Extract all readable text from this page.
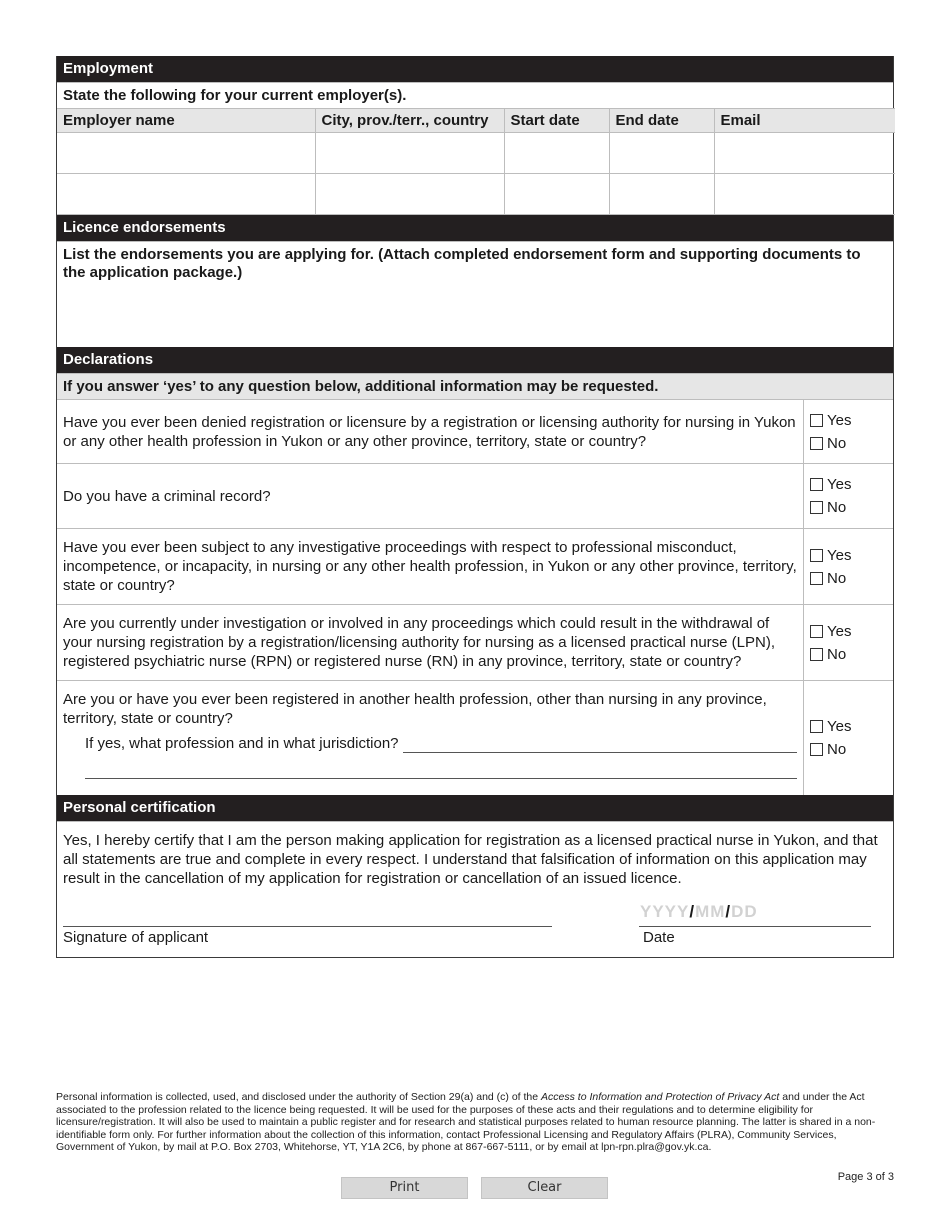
Employment
State the following for your current employer(s).
Employer name	City, prov./terr., country	Start date	End date	Email

Licence endorsements
List the endorsements you are applying for. (Attach completed endorsement form and supporting documents to the application package.)
Declarations
If you answer ‘yes’ to any question below, additional information may be requested.
Have you ever been denied registration or licensure by a registration or licensing authority for nursing in Yukon or any other health profession in Yukon or any other province, territory, state or country?
Yes
No
Do you have a criminal record?
Yes
No
Have you ever been subject to any investigative proceedings with respect to professional misconduct, incompetence, or incapacity, in nursing or any other health profession, in Yukon or any other province, territory, state or country?
Yes
No
Are you currently under investigation or involved in any proceedings which could result in the withdrawal of your nursing registration by a registration/licensing authority for nursing as a licensed practical nurse (LPN), registered psychiatric nurse (RPN) or registered nurse (RN) in any province, territory, state or country?
Yes
No
Are you or have you ever been registered in another health profession, other than nursing in any province, territory, state or country?
If yes, what profession and in what jurisdiction?
Yes
No
Personal certification
Yes, I hereby certify that I am the person making application for registration as a licensed practical nurse in Yukon, and that all statements are true and complete in every respect. I understand that falsification of information on this application may result in the cancellation of my application for registration or cancellation of an issued licence.
Signature of applicant
YYYY/MM/DD
Date
Personal information is collected, used, and disclosed under the authority of Section 29(a) and (c) of the Access to Information and Protection of Privacy Act and under the Act associated to the profession related to the licence being requested. It will be used for the purposes of these acts and their regulations and to determine eligibility for licensure/registration. It will also be used to maintain a public register and for research and statistical purposes related to human resource planning. The latter is shared in a non-identifiable form only. For further information about the collection of this information, contact Professional Licensing and Regulatory Affairs (PLRA), Community Services, Government of Yukon, by mail at P.O. Box 2703, Whitehorse, YT, Y1A 2C6, by phone at 867-667-5111, or by email at lpn-rpn.plra@gov.yk.ca.
Page 3 of 3
Print	Clear
